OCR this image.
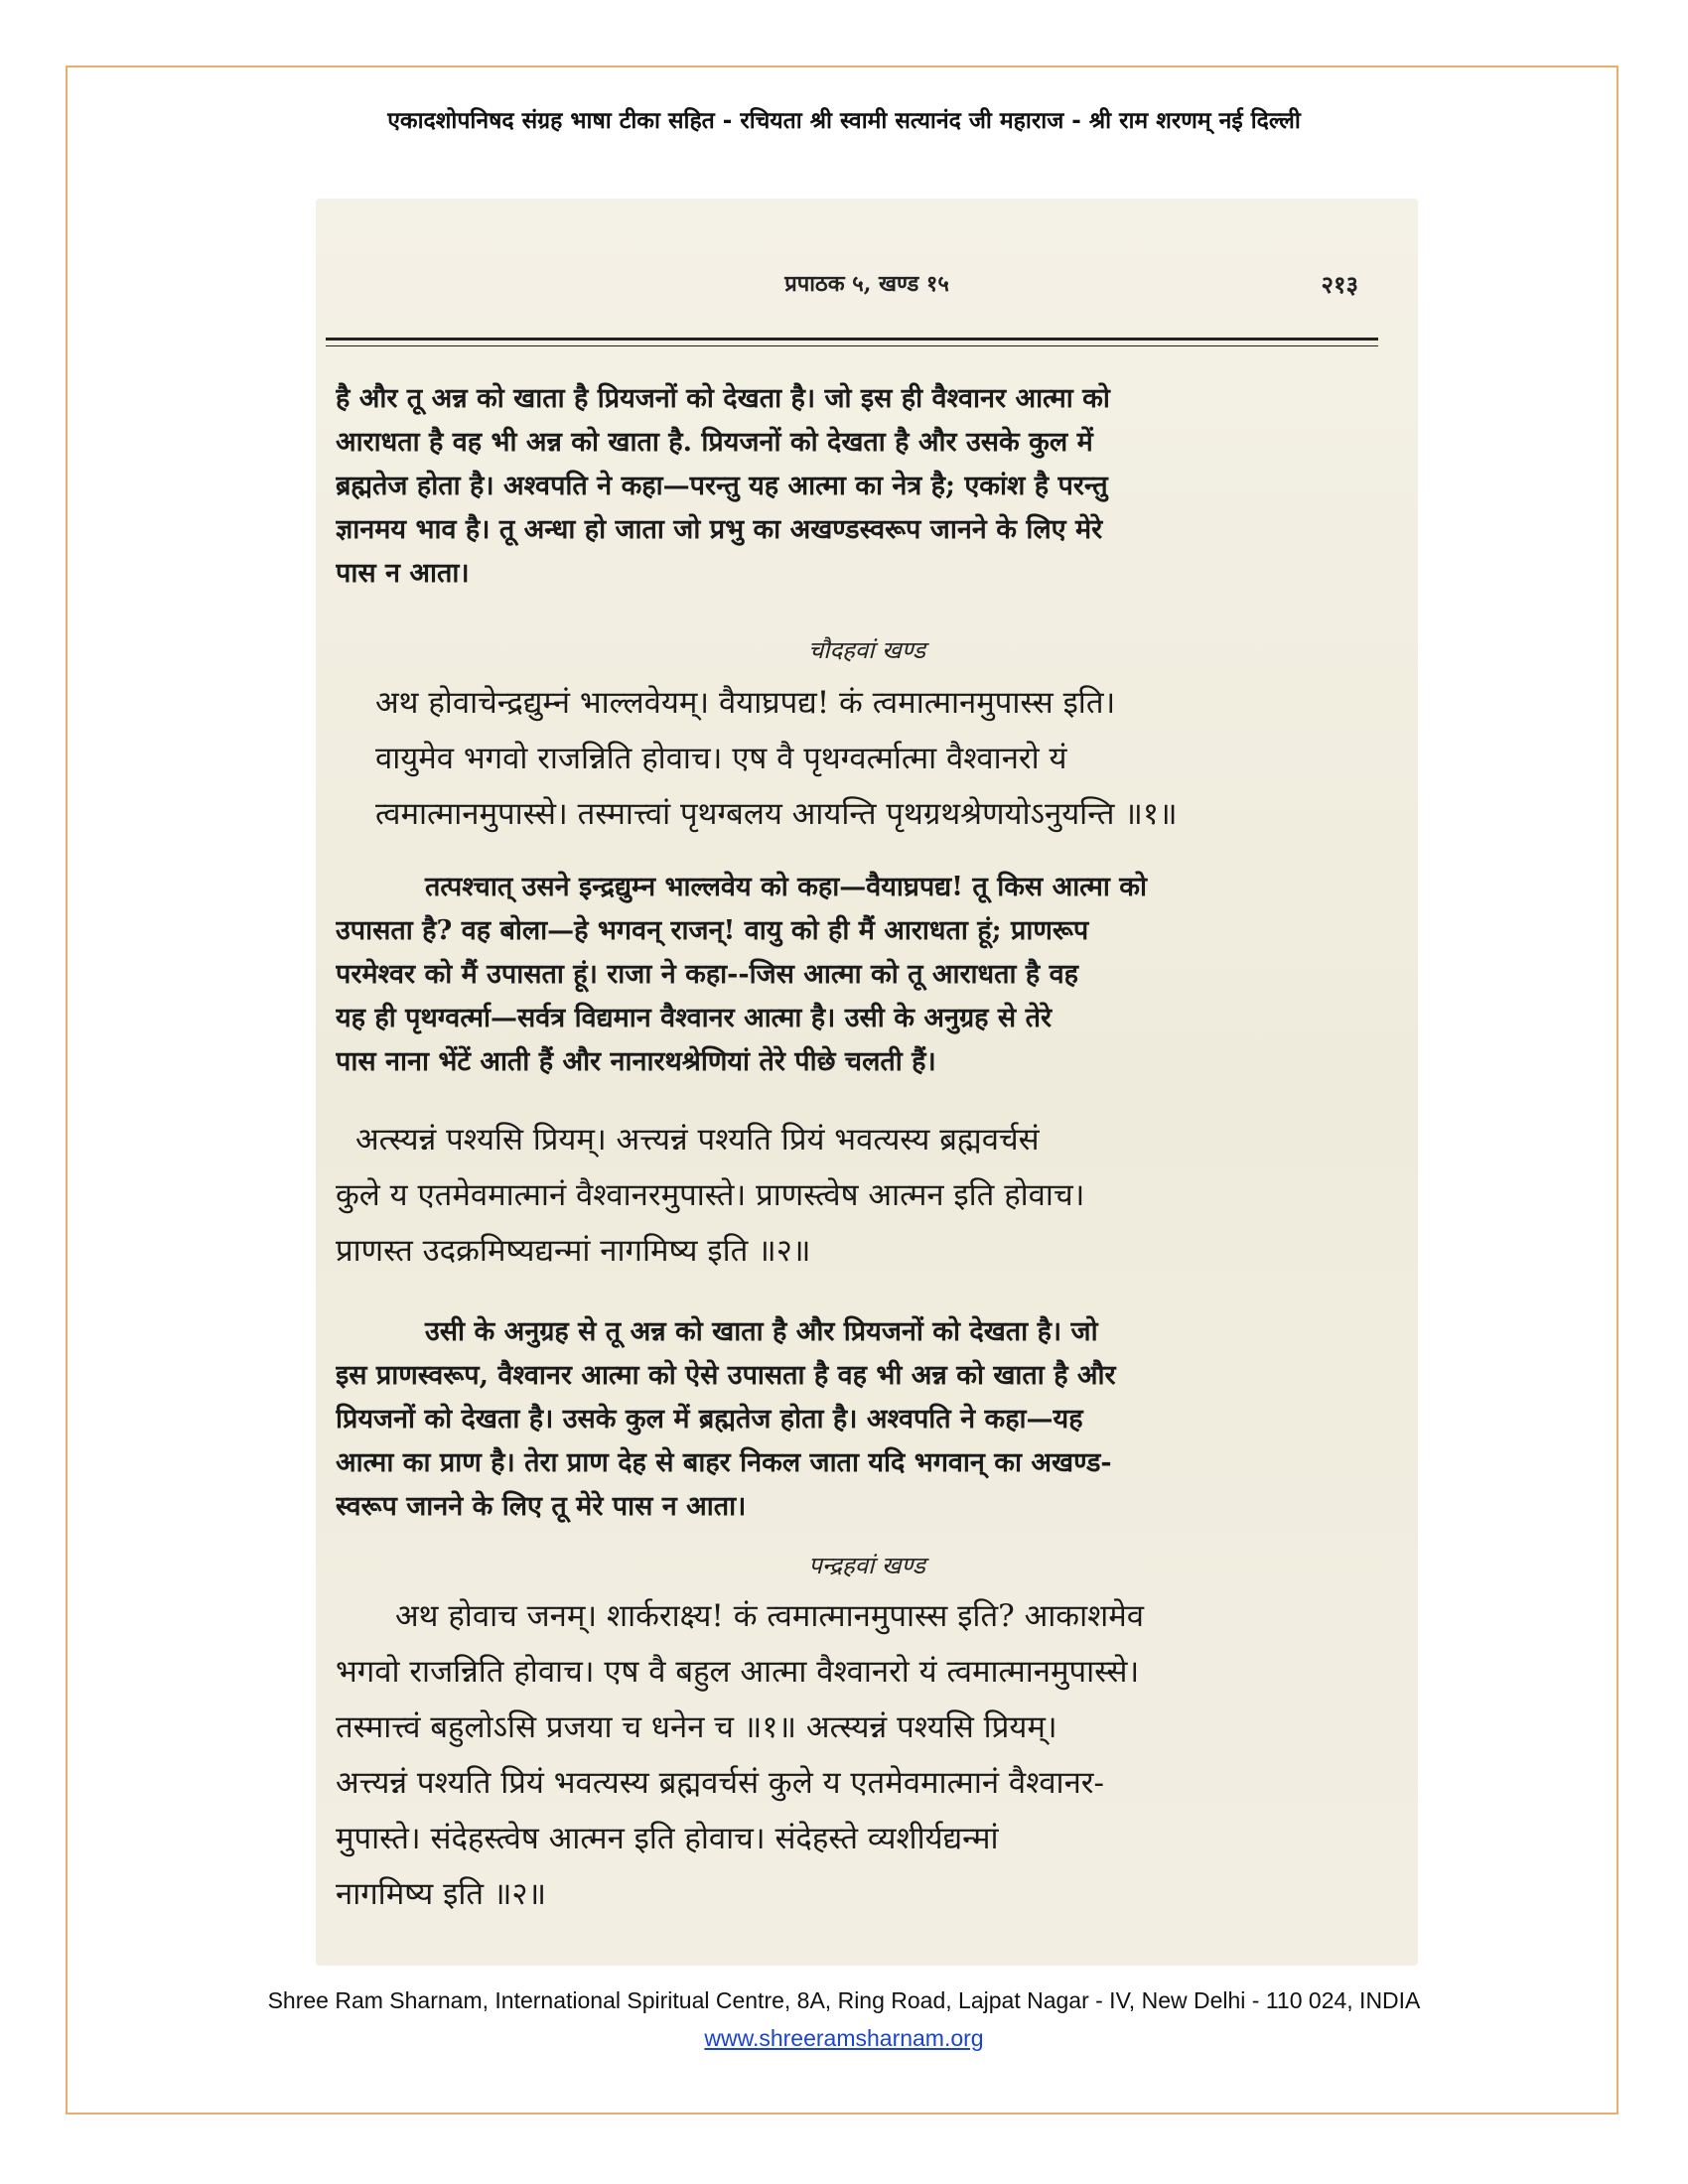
एकादशोपनिषद संग्रह भाषा टीका सहित - रचियता श्री स्वामी सत्यानंद जी महाराज - श्री राम शरणम् नई दिल्ली
प्रपाठक ५, खण्ड १५	२१३
है और तू अन्न को खाता है प्रियजनों को देखता है। जो इस ही वैश्वानर आत्मा को
आराधता है वह भी अन्न को खाता है. प्रियजनों को देखता है और उसके कुल में
ब्रह्मतेज होता है। अश्वपति ने कहा—परन्तु यह आत्मा का नेत्र है; एकांश है परन्तु
ज्ञानमय भाव है। तू अन्धा हो जाता जो प्रभु का अखण्डस्वरूप जानने के लिए मेरे
पास न आता।
चौदहवां खण्ड
अथ होवाचेन्द्रद्युम्नं भाल्लवेयम्। वैयाघ्रपद्य! कं त्वमात्मानमुपास्स इति।
वायुमेव भगवो राजन्निति होवाच। एष वै पृथग्वर्त्मात्मा वैश्वानरो यं
त्वमात्मानमुपास्से। तस्मात्त्वां पृथग्बलय आयन्ति पृथग्रथश्रेणयोऽनुयन्ति ॥१॥
तत्पश्चात् उसने इन्द्रद्युम्न भाल्लवेय को कहा—वैयाघ्रपद्य! तू किस आत्मा को
उपासता है? वह बोला—हे भगवन् राजन्! वायु को ही मैं आराधता हूं; प्राणरूप
परमेश्वर को मैं उपासता हूं। राजा ने कहा--जिस आत्मा को तू आराधता है वह
यह ही पृथग्वर्त्मा—सर्वत्र विद्यमान वैश्वानर आत्मा है। उसी के अनुग्रह से तेरे
पास नाना भेंटें आती हैं और नानारथश्रेणियां तेरे पीछे चलती हैं।
अत्स्यन्नं पश्यसि प्रियम्। अत्त्यन्नं पश्यति प्रियं भवत्यस्य ब्रह्मवर्चसं
कुले य एतमेवमात्मानं वैश्वानरमुपास्ते। प्राणस्त्वेष आत्मन इति होवाच।
प्राणस्त उदक्रमिष्यद्यन्मां नागमिष्य इति ॥२॥
उसी के अनुग्रह से तू अन्न को खाता है और प्रियजनों को देखता है। जो
इस प्राणस्वरूप, वैश्वानर आत्मा को ऐसे उपासता है वह भी अन्न को खाता है और
प्रियजनों को देखता है। उसके कुल में ब्रह्मतेज होता है। अश्वपति ने कहा—यह
आत्मा का प्राण है। तेरा प्राण देह से बाहर निकल जाता यदि भगवान् का अखण्ड-
स्वरूप जानने के लिए तू मेरे पास न आता।
पन्द्रहवां खण्ड
अथ होवाच जनम्। शार्कराक्ष्य! कं त्वमात्मानमुपास्स इति? आकाशमेव
भगवो राजन्निति होवाच। एष वै बहुल आत्मा वैश्वानरो यं त्वमात्मानमुपास्से।
तस्मात्त्वं बहुलोऽसि प्रजया च धनेन च ॥१॥ अत्स्यन्नं पश्यसि प्रियम्।
अत्त्यन्नं पश्यति प्रियं भवत्यस्य ब्रह्मवर्चसं कुले य एतमेवमात्मानं वैश्वानर-
मुपास्ते। संदेहस्त्वेष आत्मन इति होवाच। संदेहस्ते व्यशीर्यद्यन्मां
नागमिष्य इति ॥२॥
Shree Ram Sharnam, International Spiritual Centre, 8A, Ring Road, Lajpat Nagar - IV, New Delhi - 110 024, INDIA
www.shreeramsharnam.org
